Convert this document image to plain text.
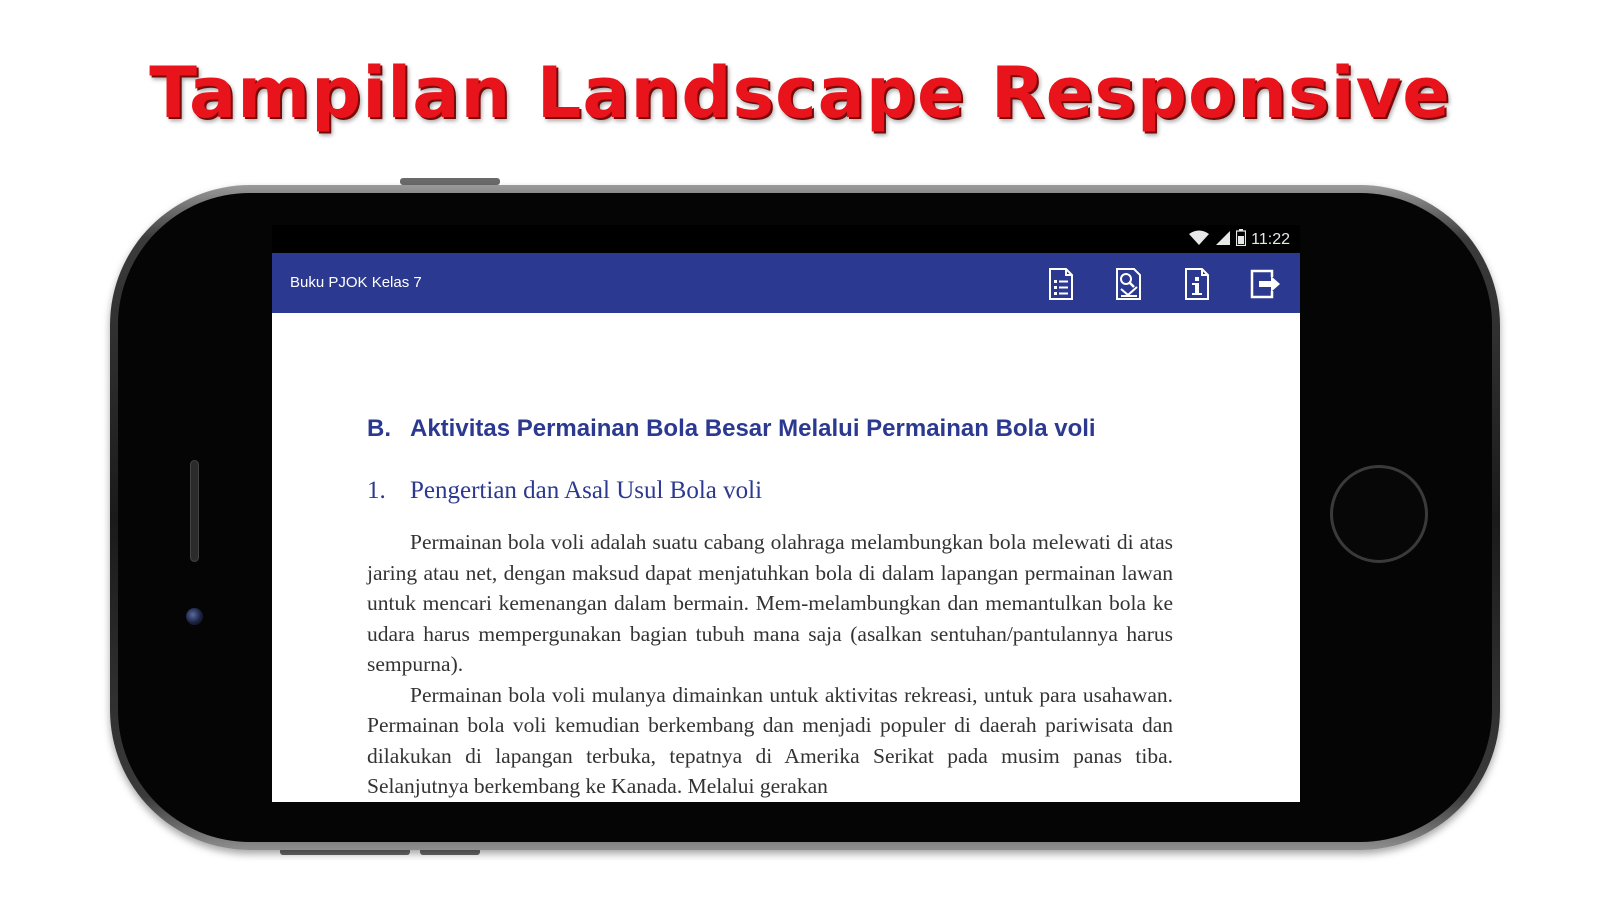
Tampilan Landscape Responsive
11:22
Buku PJOK Kelas 7
B. Aktivitas Permainan Bola Besar Melalui Permainan Bola voli
1. Pengertian dan Asal Usul Bola voli

Permainan bola voli adalah suatu cabang olahraga melambungkan bola melewati di atas jaring atau net, dengan maksud dapat menjatuhkan bola di dalam lapangan permainan lawan untuk mencari kemenangan dalam bermain. Mem-melambungkan dan memantulkan bola ke udara harus mempergunakan bagian tubuh mana saja (asalkan sentuhan/pantulannya harus sempurna).

Permainan bola voli mulanya dimainkan untuk aktivitas rekreasi, untuk para usahawan. Permainan bola voli kemudian berkembang dan menjadi populer di daerah pariwisata dan dilakukan di lapangan terbuka, tepatnya di Amerika Serikat pada musim panas tiba. Selanjutnya berkembang ke Kanada. Melalui gerakan
